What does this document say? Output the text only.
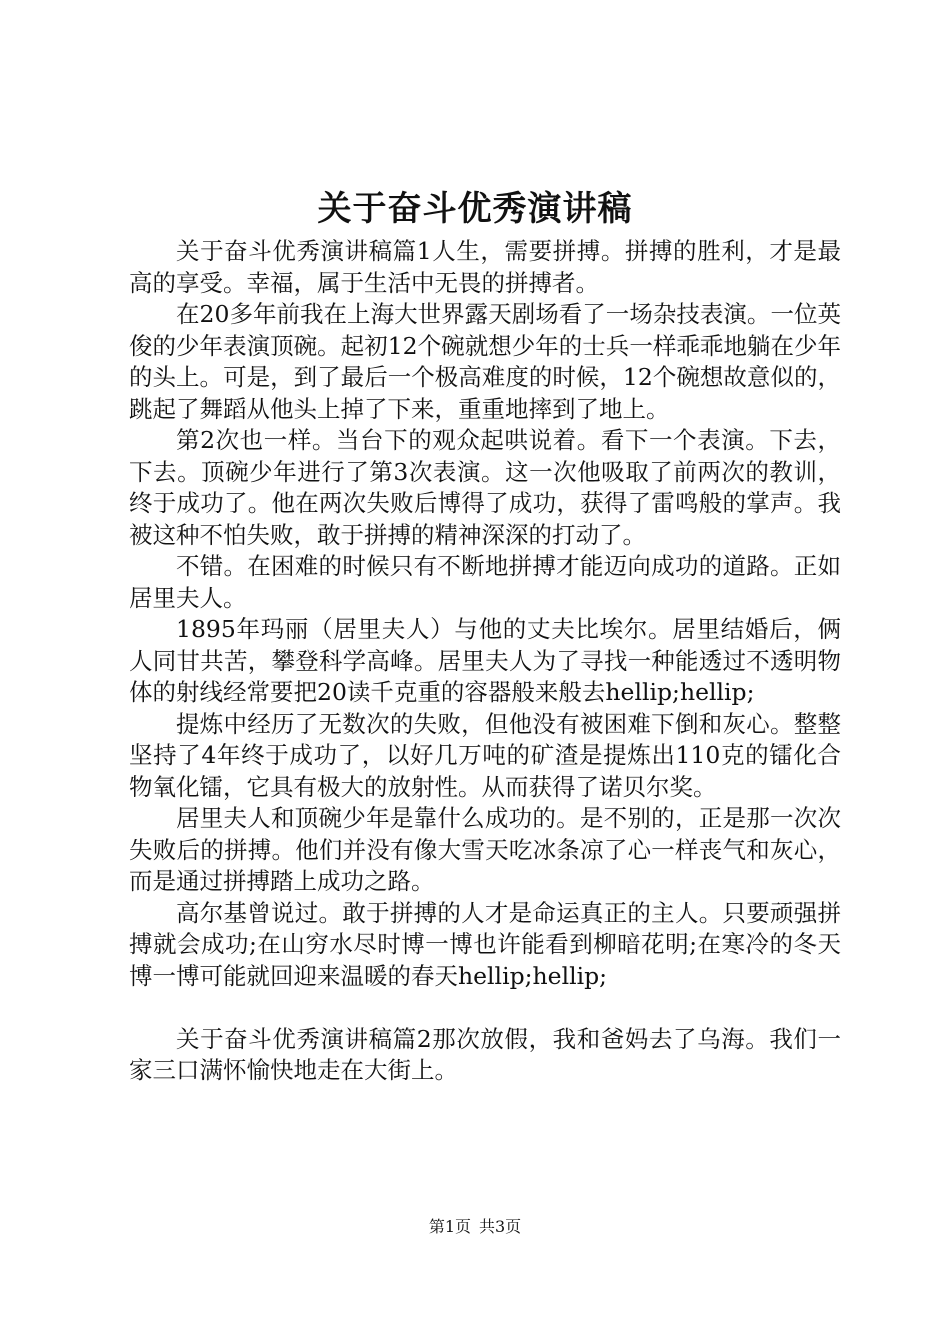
关于奋斗优秀演讲稿

关于奋斗优秀演讲稿篇1人生，需要拼搏。拼搏的胜利，才是最高的享受。幸福，属于生活中无畏的拼搏者。

在20多年前我在上海大世界露天剧场看了一场杂技表演。一位英俊的少年表演顶碗。起初12个碗就想少年的士兵一样乖乖地躺在少年的头上。可是，到了最后一个极高难度的时候，12个碗想故意似的，跳起了舞蹈从他头上掉了下来，重重地摔到了地上。

第2次也一样。当台下的观众起哄说着。看下一个表演。下去，下去。顶碗少年进行了第3次表演。这一次他吸取了前两次的教训，终于成功了。他在两次失败后博得了成功，获得了雷鸣般的掌声。我被这种不怕失败，敢于拼搏的精神深深的打动了。

不错。在困难的时候只有不断地拼搏才能迈向成功的道路。正如居里夫人。

1895年玛丽（居里夫人）与他的丈夫比埃尔。居里结婚后，俩人同甘共苦，攀登科学高峰。居里夫人为了寻找一种能透过不透明物体的射线经常要把20读千克重的容器般来般去hellip;hellip;

提炼中经历了无数次的失败，但他没有被困难下倒和灰心。整整坚持了4年终于成功了，以好几万吨的矿渣是提炼出110克的镭化合物氧化镭，它具有极大的放射性。从而获得了诺贝尔奖。

居里夫人和顶碗少年是靠什么成功的。是不别的，正是那一次次失败后的拼搏。他们并没有像大雪天吃冰条凉了心一样丧气和灰心，而是通过拼搏踏上成功之路。

高尔基曾说过。敢于拼搏的人才是命运真正的主人。只要顽强拼搏就会成功;在山穷水尽时博一博也许能看到柳暗花明;在寒冷的冬天博一博可能就回迎来温暖的春天hellip;hellip;

关于奋斗优秀演讲稿篇2那次放假，我和爸妈去了乌海。我们一家三口满怀愉快地走在大街上。

第1页 共3页
